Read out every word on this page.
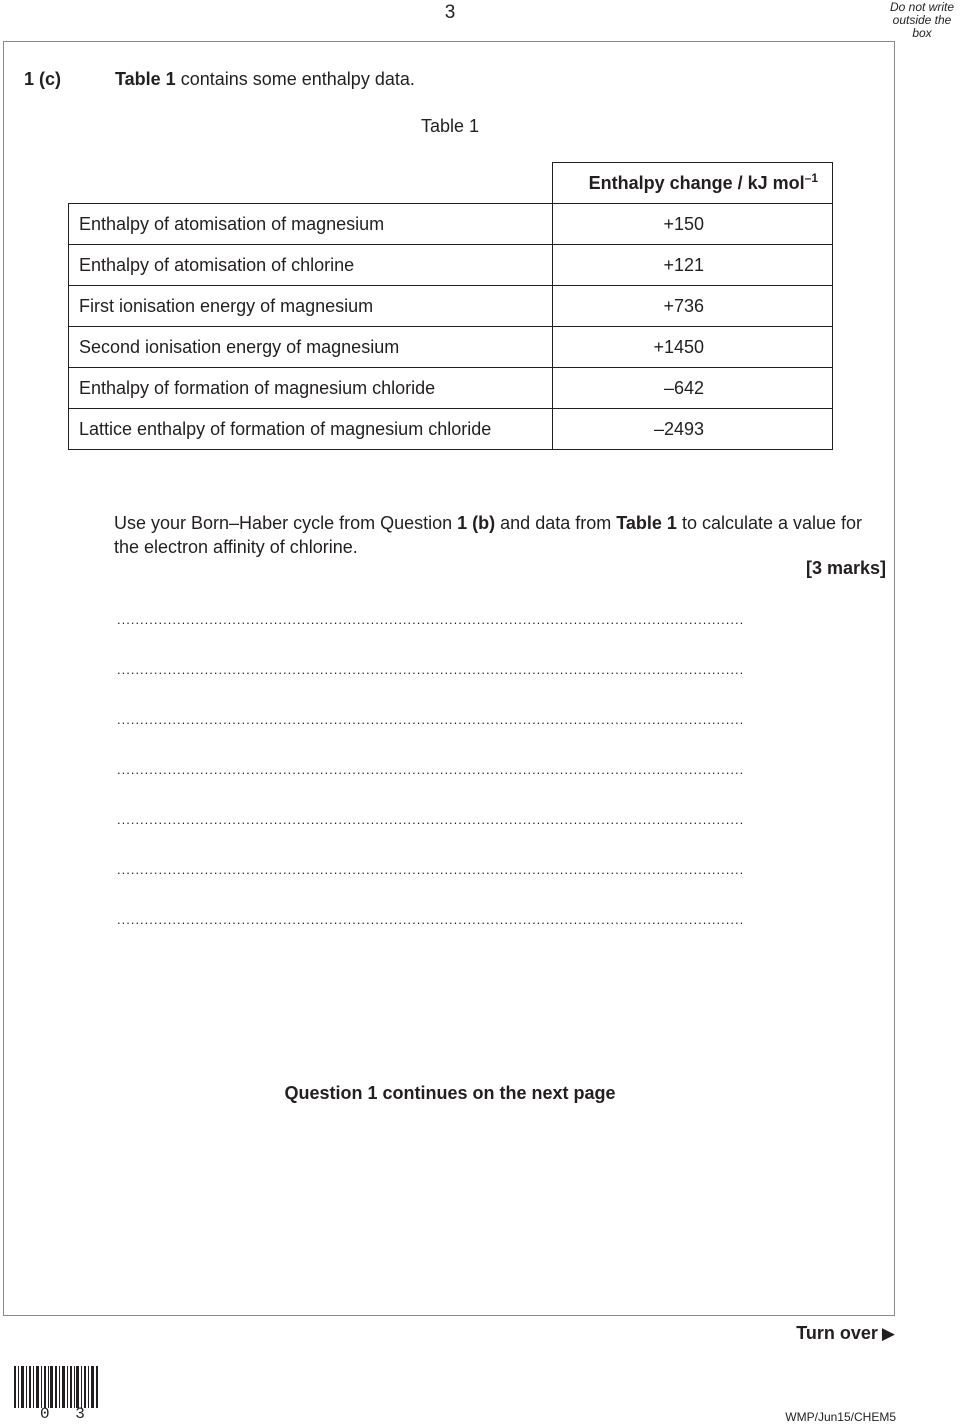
3	Do not write outside the box
1 (c)	Table 1 contains some enthalpy data.
Table 1
	Enthalpy change / kJ mol$^{-1}$
Enthalpy of atomisation of magnesium	+150
Enthalpy of atomisation of chlorine	+121
First ionisation energy of magnesium	+736
Second ionisation energy of magnesium	+1450
Enthalpy of formation of magnesium chloride	–642
Lattice enthalpy of formation of magnesium chloride	–2493
Use your Born–Haber cycle from Question 1 (b) and data from Table 1 to calculate a value for the electron affinity of chlorine.
[3 marks]
........................................................................................................................................
........................................................................................................................................
........................................................................................................................................
........................................................................................................................................
........................................................................................................................................
........................................................................................................................................
........................................................................................................................................
Question 1 continues on the next page
Turn over ▶
0 3	WMP/Jun15/CHEM5
